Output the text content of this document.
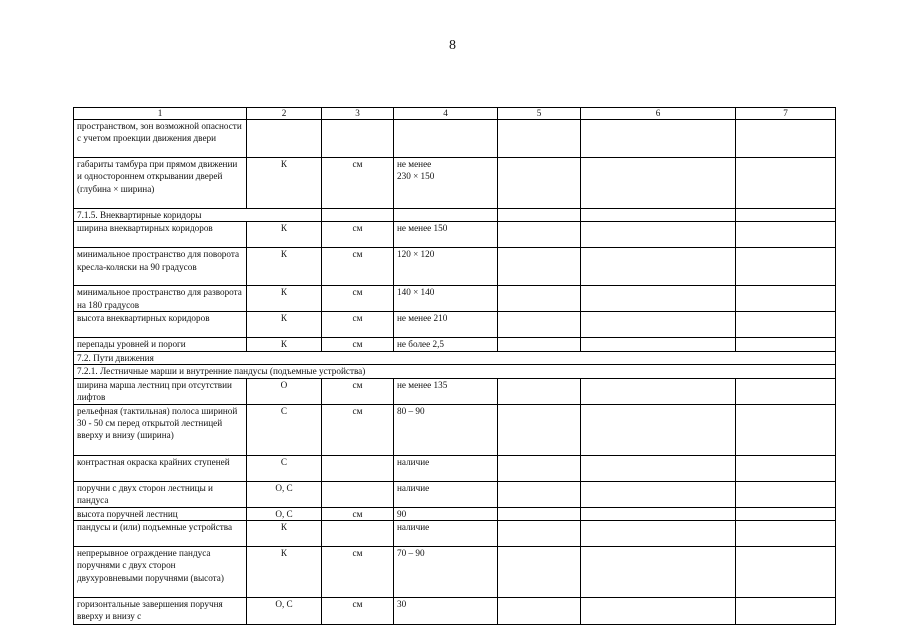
8
1	2	3	4	5	6	7
пространством, зон возможной опасности с учетом проекции движения двери						
габариты тамбура при прямом движении и одностороннем открывании дверей (глубина × ширина)	К	см	не менее
230 × 150			
7.1.5. Внеквартирные коридоры						
ширина внеквартирных коридоров	К	см	не менее 150			
минимальное пространство для поворота кресла-коляски на 90 градусов	К	см	120 × 120			
минимальное пространство для разворота на 180 градусов	К	см	140 × 140			
высота внеквартирных коридоров	К	см	не менее 210			
перепады уровней и пороги	К	см	не более 2,5			
7.2. Пути движения						
7.2.1. Лестничные марши и внутренние пандусы (подъемные устройства)						
ширина марша лестниц при отсутствии лифтов	О	см	не менее 135			
рельефная (тактильная) полоса шириной 30 - 50 см перед открытой лестницей вверху и внизу (ширина)	С	см	80 – 90			
контрастная окраска крайних ступеней	С		наличие			
поручни с двух сторон лестницы и пандуса	О, С		наличие			
высота поручней лестниц	О, С	см	90			
пандусы и (или) подъемные устройства	К		наличие			
непрерывное ограждение пандуса поручнями с двух сторон двухуровневыми поручнями (высота)	К	см	70 – 90			
горизонтальные завершения поручня вверху и внизу с	О, С	см	30			
